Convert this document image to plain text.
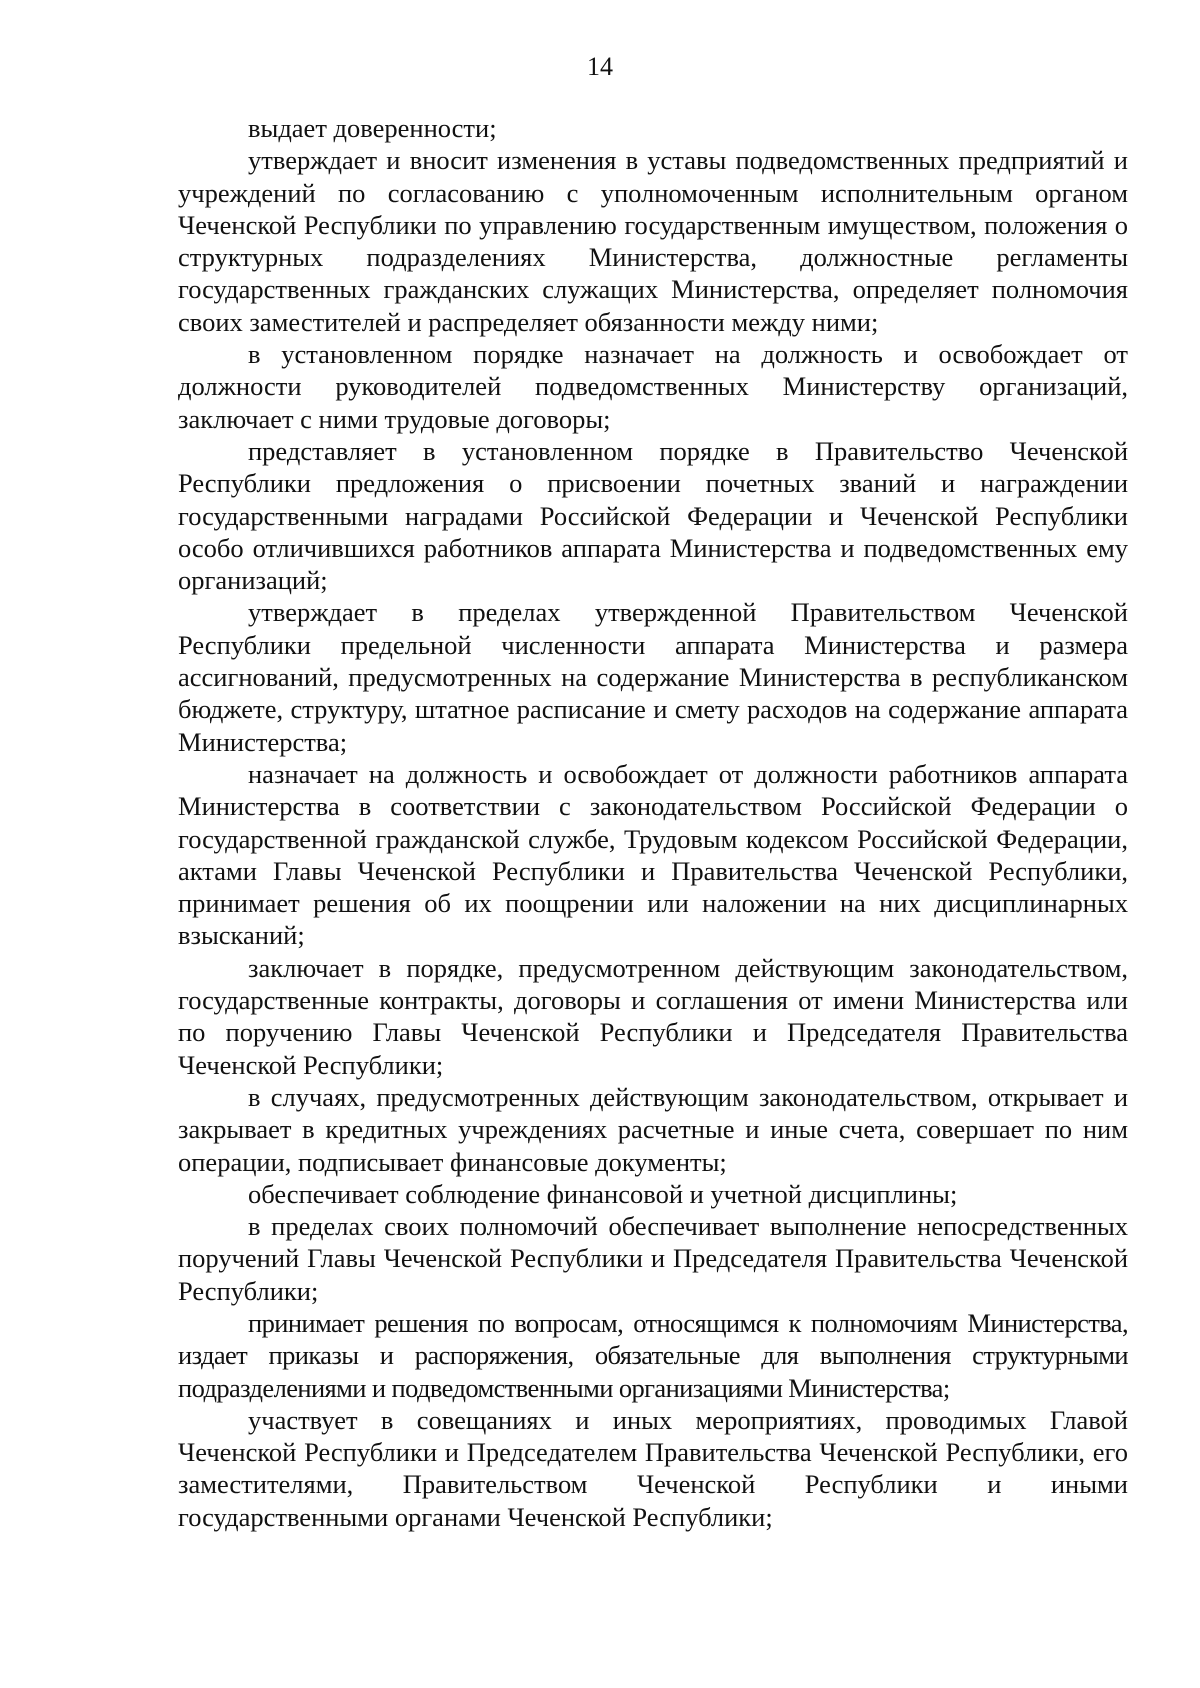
14

выдает доверенности;

утверждает и вносит изменения в уставы подведомственных предприятий и учреждений по согласованию с уполномоченным исполнительным органом Чеченской Республики по управлению государственным имуществом, положения о структурных подразделениях Министерства, должностные регламенты государственных гражданских служащих Министерства, определяет полномочия своих заместителей и распределяет обязанности между ними;

в установленном порядке назначает на должность и освобождает от должности руководителей подведомственных Министерству организаций, заключает с ними трудовые договоры;

представляет в установленном порядке в Правительство Чеченской Республики предложения о присвоении почетных званий и награждении государственными наградами Российской Федерации и Чеченской Республики особо отличившихся работников аппарата Министерства и подведомственных ему организаций;

утверждает в пределах утвержденной Правительством Чеченской Республики предельной численности аппарата Министерства и размера ассигнований, предусмотренных на содержание Министерства в республиканском бюджете, структуру, штатное расписание и смету расходов на содержание аппарата Министерства;

назначает на должность и освобождает от должности работников аппарата Министерства в соответствии с законодательством Российской Федерации о государственной гражданской службе, Трудовым кодексом Российской Федерации, актами Главы Чеченской Республики и Правительства Чеченской Республики, принимает решения об их поощрении или наложении на них дисциплинарных взысканий;

заключает в порядке, предусмотренном действующим законодательством, государственные контракты, договоры и соглашения от имени Министерства или по поручению Главы Чеченской Республики и Председателя Правительства Чеченской Республики;

в случаях, предусмотренных действующим законодательством, открывает и закрывает в кредитных учреждениях расчетные и иные счета, совершает по ним операции, подписывает финансовые документы;

обеспечивает соблюдение финансовой и учетной дисциплины;

в пределах своих полномочий обеспечивает выполнение непосредственных поручений Главы Чеченской Республики и Председателя Правительства Чеченской Республики;

принимает решения по вопросам, относящимся к полномочиям Министерства, издает приказы и распоряжения, обязательные для выполнения структурными подразделениями и подведомственными организациями Министерства;

участвует в совещаниях и иных мероприятиях, проводимых Главой Чеченской Республики и Председателем Правительства Чеченской Республики, его заместителями, Правительством Чеченской Республики и иными государственными органами Чеченской Республики;
